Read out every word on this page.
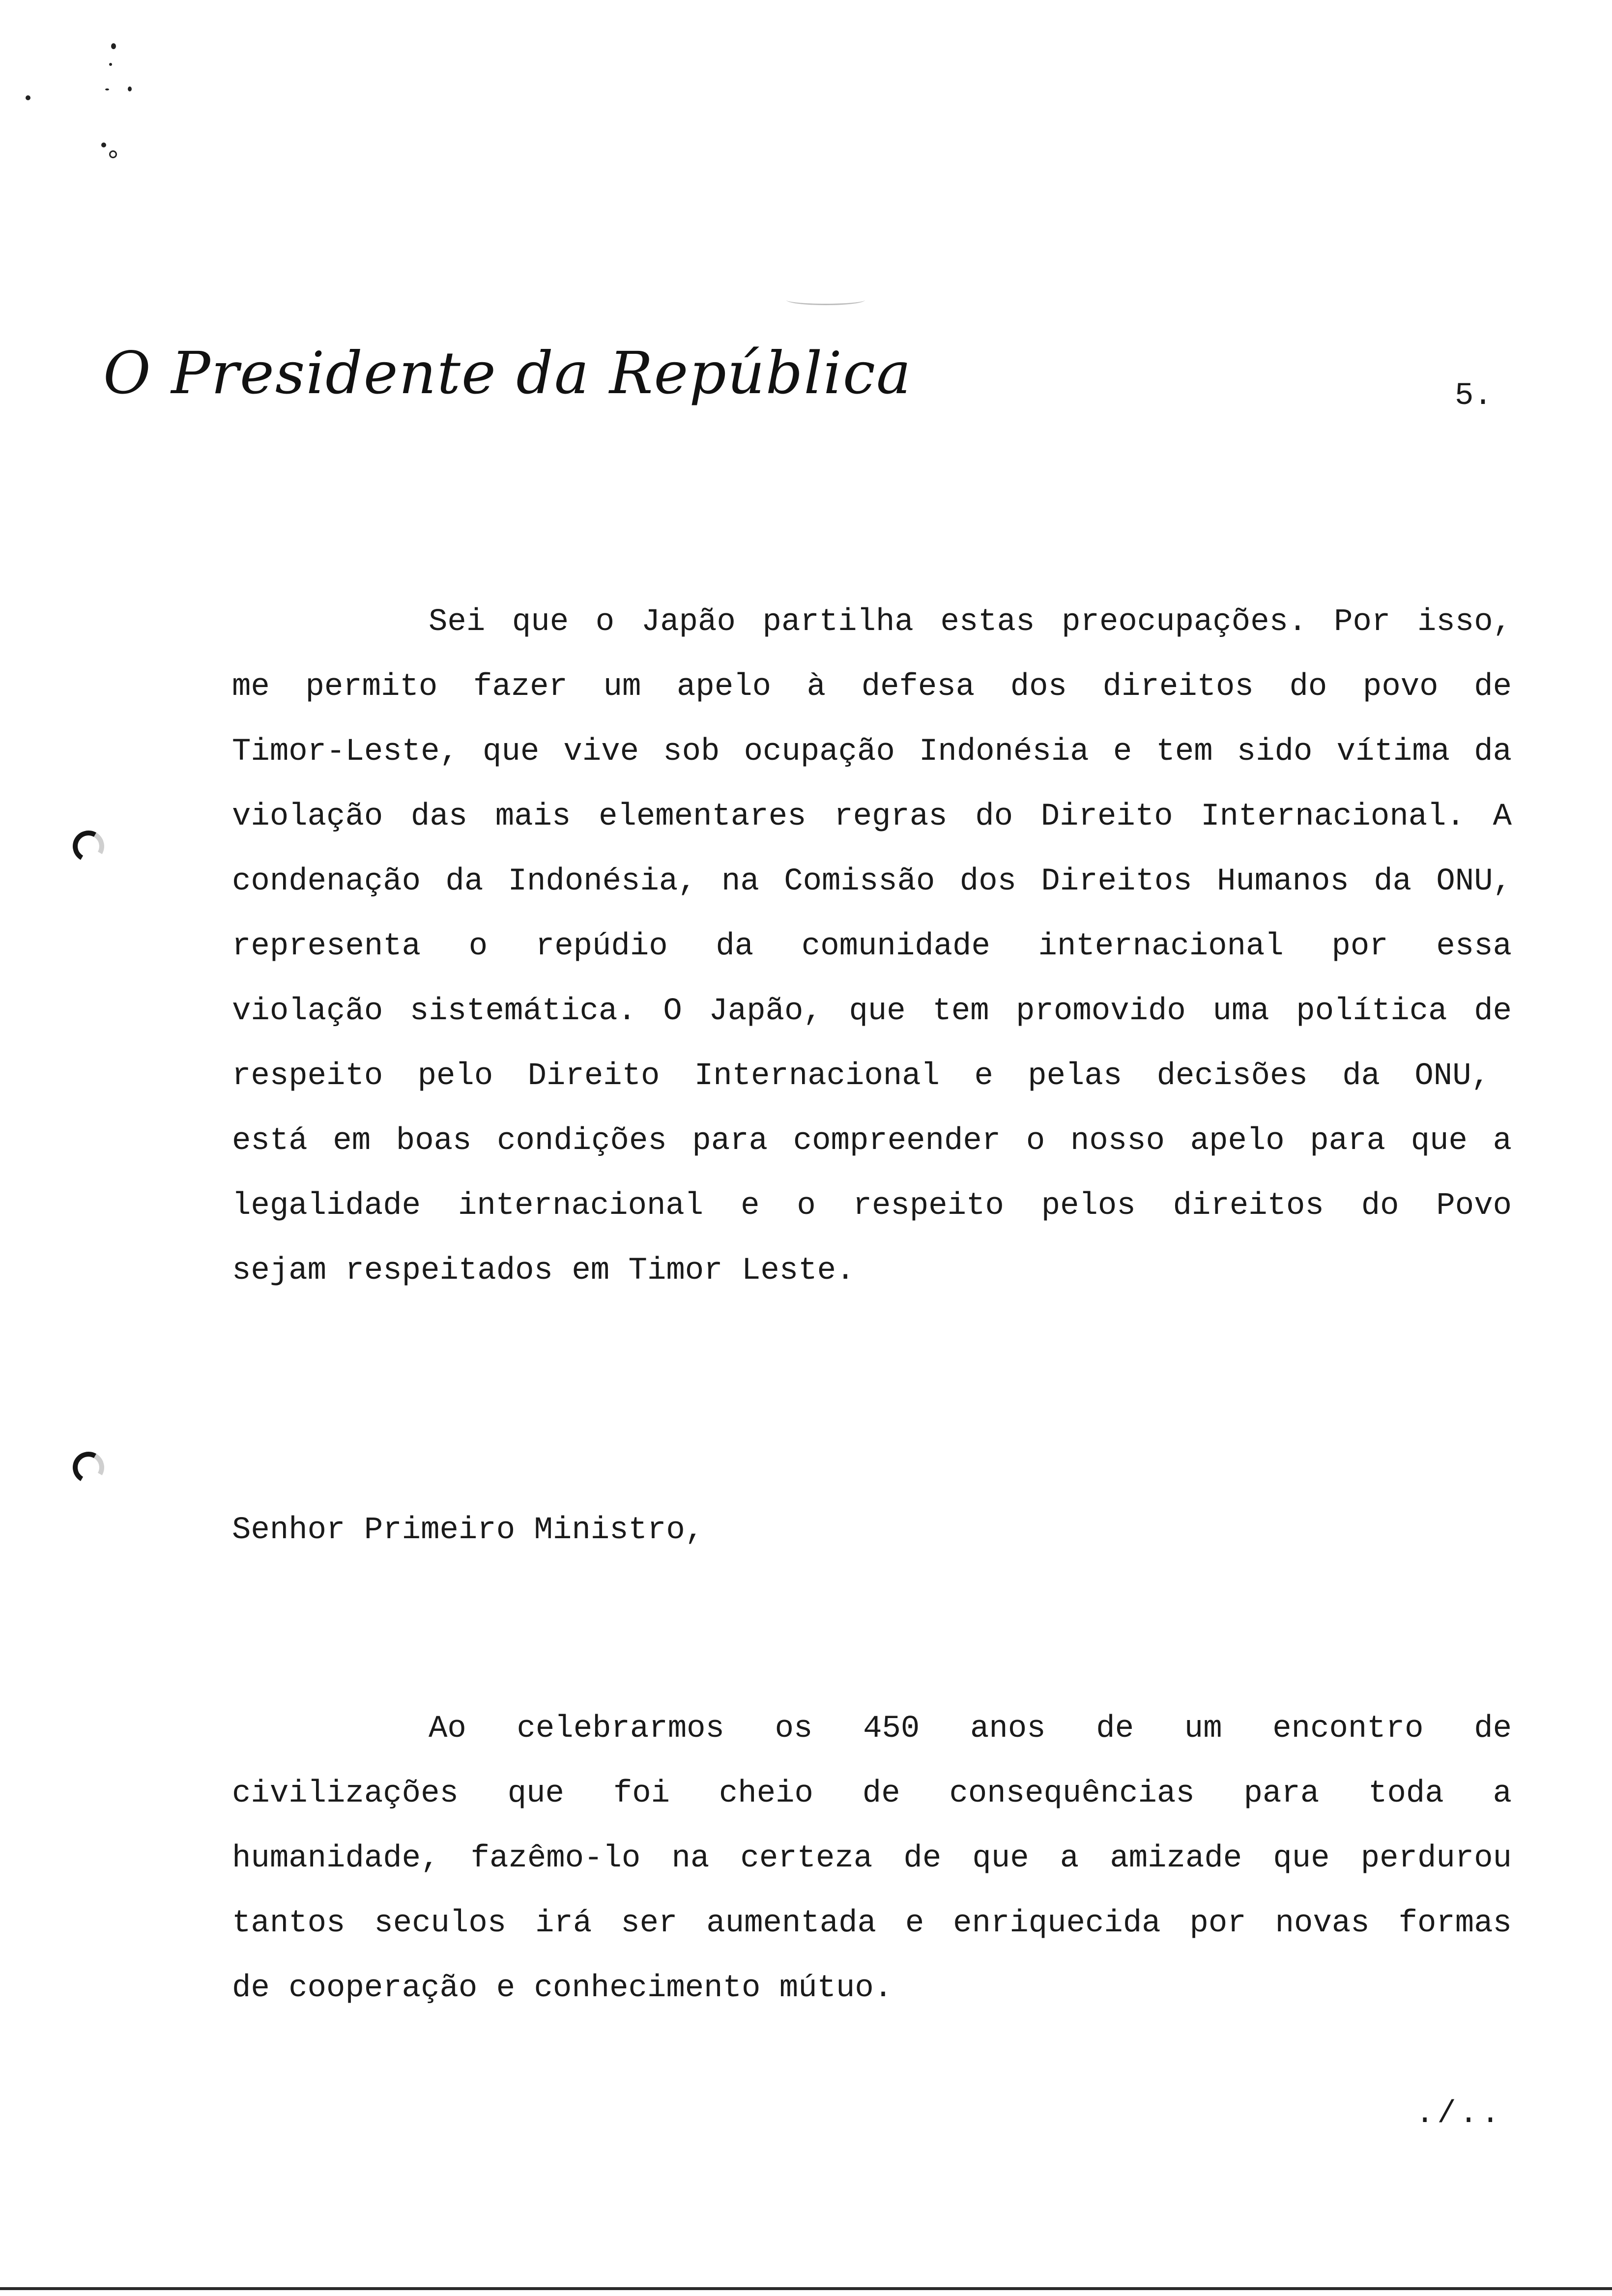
O Presidente da República	5.
Sei que o Japão partilha estas preocupações. Por isso,
me permito fazer um apelo à defesa dos direitos do povo de
Timor-Leste, que vive sob ocupação Indonésia e tem sido vítima da
violação das mais elementares regras do Direito Internacional. A
condenação da Indonésia, na Comissão dos Direitos Humanos da ONU,
representa o repúdio da comunidade internacional por essa
violação sistemática. O Japão, que tem promovido uma política de
respeito pelo Direito Internacional e pelas decisões da ONU,
está em boas condições para compreender o nosso apelo para que a
legalidade internacional e o respeito pelos direitos do Povo
sejam respeitados em Timor Leste.
Senhor Primeiro Ministro,
Ao celebrarmos os 450 anos de um encontro de
civilizações que foi cheio de consequências para toda a
humanidade, fazêmo-lo na certeza de que a amizade que perdurou
tantos seculos irá ser aumentada e enriquecida por novas formas
de cooperação e conhecimento mútuo.
./..
